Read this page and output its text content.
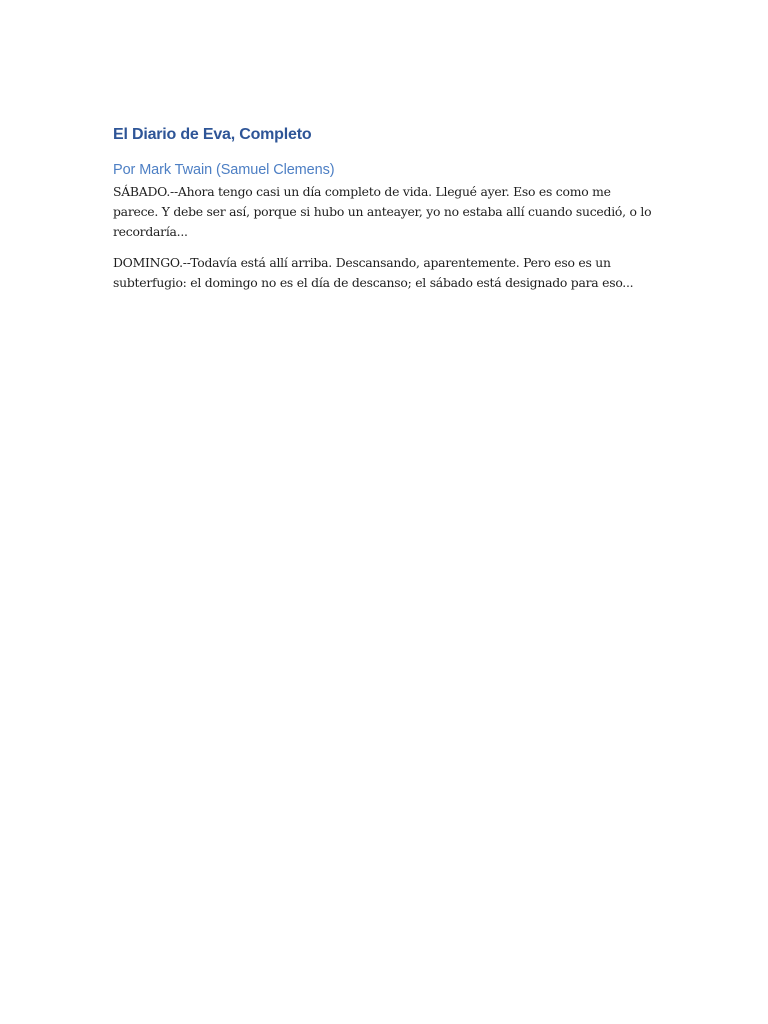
El Diario de Eva, Completo
Por Mark Twain (Samuel Clemens)

SÁBADO.--Ahora tengo casi un día completo de vida. Llegué ayer. Eso es como me parece. Y debe ser así, porque si hubo un anteayer, yo no estaba allí cuando sucedió, o lo recordaría...

DOMINGO.--Todavía está allí arriba. Descansando, aparentemente. Pero eso es un subterfugio: el domingo no es el día de descanso; el sábado está designado para eso...
